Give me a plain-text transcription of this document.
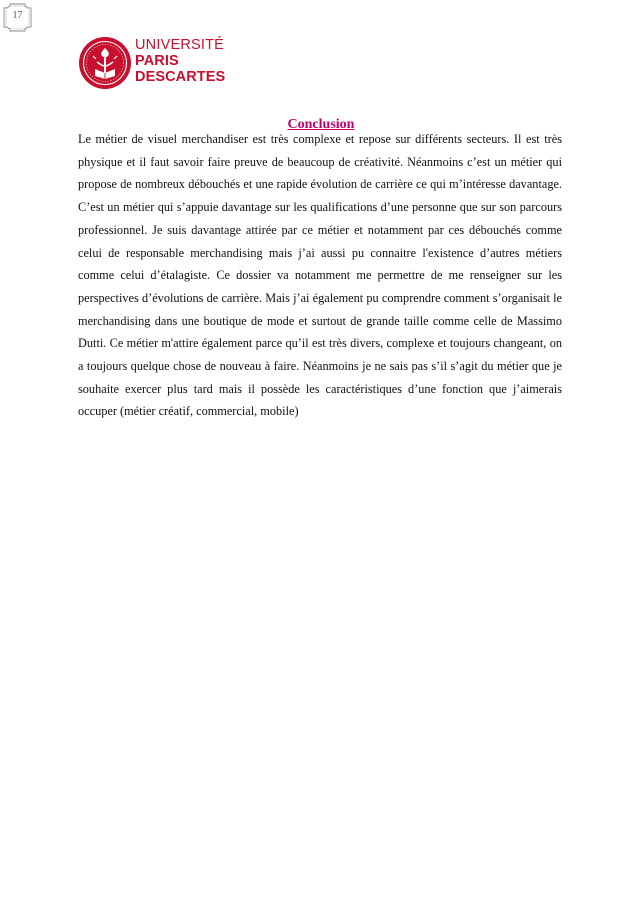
17
UNIVERSITÉ
PARIS
DESCARTES
Conclusion

Le métier de visuel merchandiser est très complexe et repose sur différents secteurs. Il est très physique et il faut savoir faire preuve de beaucoup de créativité. Néanmoins c’est un métier qui propose de nombreux débouchés et une rapide évolution de carrière ce qui m’intéresse davantage. C’est un métier qui s’appuie davantage sur les qualifications d’une personne que sur son parcours professionnel. Je suis davantage attirée par ce métier et notamment par ces débouchés comme celui de responsable merchandising mais j’ai aussi pu connaitre l'existence d’autres métiers comme celui d’étalagiste. Ce dossier va notamment me permettre de me renseigner sur les perspectives d’évolutions de carrière. Mais j’ai également pu comprendre comment s’organisait le merchandising dans une boutique de mode et surtout de grande taille comme celle de Massimo Dutti. Ce métier m'attire également parce qu’il est très divers, complexe et toujours changeant, on a toujours quelque chose de nouveau à faire. Néanmoins je ne sais pas s’il s’agit du métier que je souhaite exercer plus tard mais il possède les caractéristiques d’une fonction que j’aimerais occuper (métier créatif, commercial, mobile)
